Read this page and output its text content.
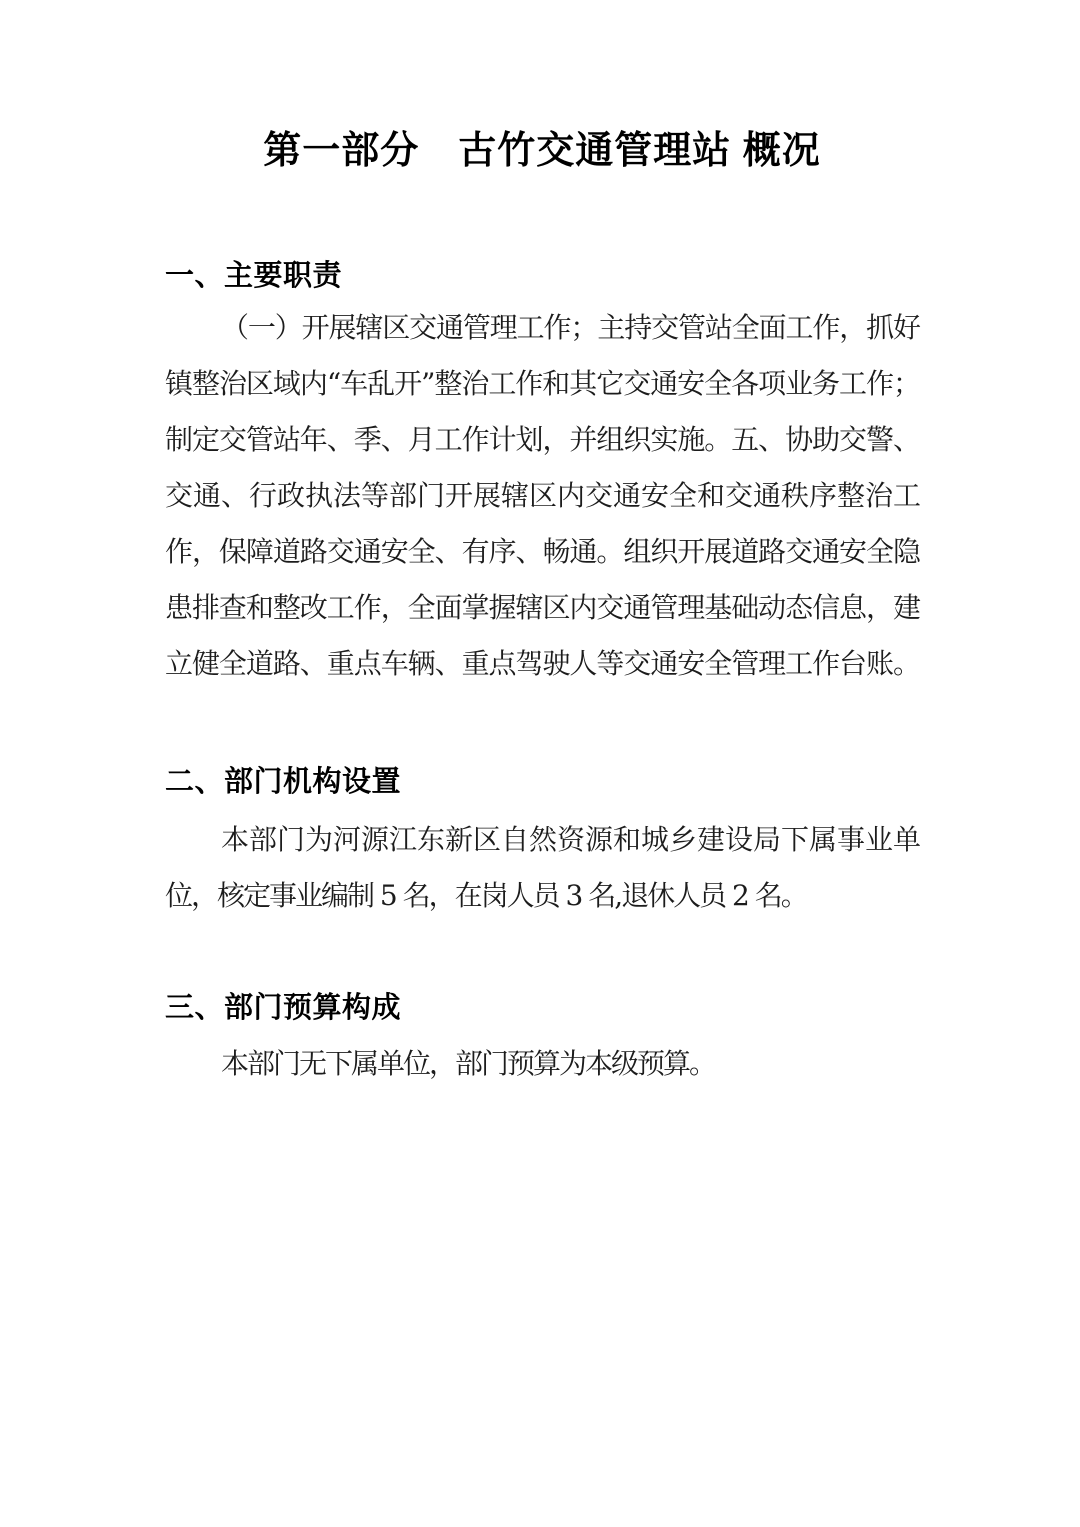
第一部分　古竹交通管理站 概况
一、主要职责
（一）开展辖区交通管理工作；主持交管站全面工作，抓好
镇整治区域内“车乱开”整治工作和其它交通安全各项业务工作；
制定交管站年、季、月工作计划，并组织实施。五、协助交警、
交通、行政执法等部门开展辖区内交通安全和交通秩序整治工
作，保障道路交通安全、有序、畅通。组织开展道路交通安全隐
患排查和整改工作，全面掌握辖区内交通管理基础动态信息，建
立健全道路、重点车辆、重点驾驶人等交通安全管理工作台账。
二、部门机构设置
本部门为河源江东新区自然资源和城乡建设局下属事业单
位，核定事业编制 5 名，在岗人员 3 名,退休人员 2 名。
三、部门预算构成
本部门无下属单位，部门预算为本级预算。
